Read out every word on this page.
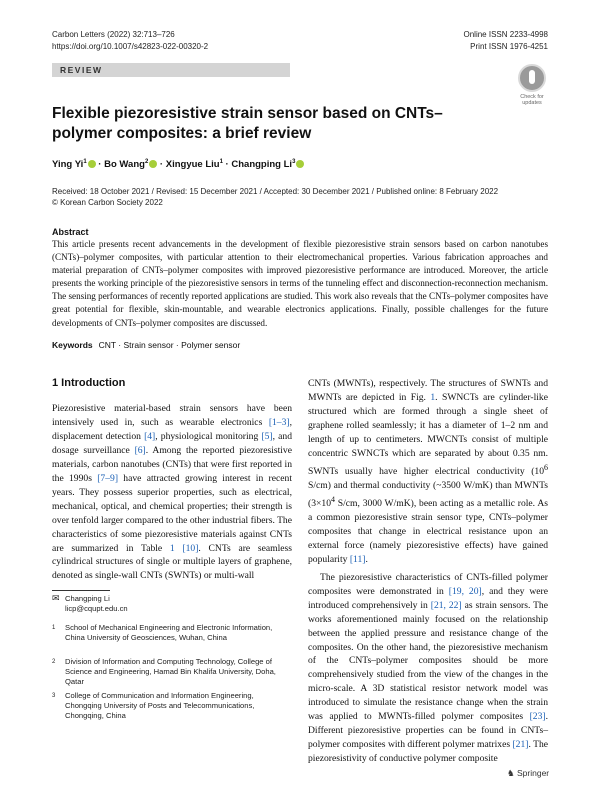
Carbon Letters (2022) 32:713–726
https://doi.org/10.1007/s42823-022-00320-2
Online ISSN 2233-4998
Print ISSN 1976-4251
REVIEW
Check for updates
Flexible piezoresistive strain sensor based on CNTs–polymer composites: a brief review
Ying $Yi^1 \cdot Bo$ Wang$^2$ · Xingyue Liu$^1$ · Changping Li$^3$
Received: 18 October 2021 / Revised: 15 December 2021 / Accepted: 30 December 2021 / Published online: 8 February 2022
© Korean Carbon Society 2022
Abstract
This article presents recent advancements in the development of flexible piezoresistive strain sensors based on carbon nanotubes (CNTs)–polymer composites, with particular attention to their electromechanical properties. Various fabrication approaches and material preparation of CNTs–polymer composites with improved piezoresistive performance are introduced. Moreover, the article presents the working principle of the piezoresistive sensors in terms of the tunneling effect and disconnection-reconnection mechanism. The sensing performances of recently reported applications are studied. This work also reveals that the CNTs–polymer composites have great potential for flexible, skin-mountable, and wearable electronics applications. Finally, possible challenges for the future developments of CNTs–polymer composites are discussed.
Keywords CNT · Strain sensor · Polymer sensor
1 Introduction

Piezoresistive material-based strain sensors have been intensively used in, such as wearable electronics [1–3], displacement detection [4], physiological monitoring [5], and dosage surveillance [6]. Among the reported piezoresistive materials, carbon nanotubes (CNTs) that were first reported in the 1990s [7–9] have attracted growing interest in recent years. They possess superior properties, such as electrical, mechanical, optical, and chemical properties; their strength is over tenfold larger compared to the other industrial fibers. The characteristics of some piezoresistive materials against CNTs are summarized in Table 1 [10]. CNTs are seamless cylindrical structures of single or multiple layers of graphene, denoted as single-wall CNTs (SWNTs) or multi-wall

CNTs (MWNTs), respectively. The structures of SWNTs and MWNTs are depicted in Fig. 1. SWNCTs are cylinder-like structured which are formed through a single sheet of graphene rolled seamlessly; it has a diameter of 1–2 nm and length of up to centimeters. MWCNTs consist of multiple concentric SWNCTs which are separated by about 0.35 nm. SWNTs usually have higher electrical conductivity ($10^6$ S/cm) and thermal conductivity (~3500 W/mK) than MWNTs ($3\times 10^4$ S/cm, 3000 W/mK), been acting as a metallic role. As a common piezoresistive strain sensor type, CNTs–polymer composites that change in electrical resistance upon an external force (namely piezoresistive effects) have gained popularity [11].

The piezoresistive characteristics of CNTs-filled polymer composites were demonstrated in [19, 20], and they were introduced comprehensively in [21, 22] as strain sensors. The works aforementioned mainly focused on the relationship between the applied pressure and resistance change of the composites. On the other hand, the piezoresistive mechanism of the CNTs–polymer composites should be more comprehensively studied from the view of the changes in the micro-scale. A 3D statistical resistor network model was introduced to simulate the resistance change when the strain was applied to MWNTs-filled polymer composites [23]. Different piezoresistive properties can be found in CNTs–polymer composites with different polymer matrixes [21]. The piezoresistivity of conductive polymer composite

✉ Changping Li
licp@cqupt.edu.cn
1 School of Mechanical Engineering and Electronic Information, China University of Geosciences, Wuhan, China
2 Division of Information and Computing Technology, College of Science and Engineering, Hamad Bin Khalifa University, Doha, Qatar
3 College of Communication and Information Engineering, Chongqing University of Posts and Telecommunications, Chongqing, China
♞ Springer
